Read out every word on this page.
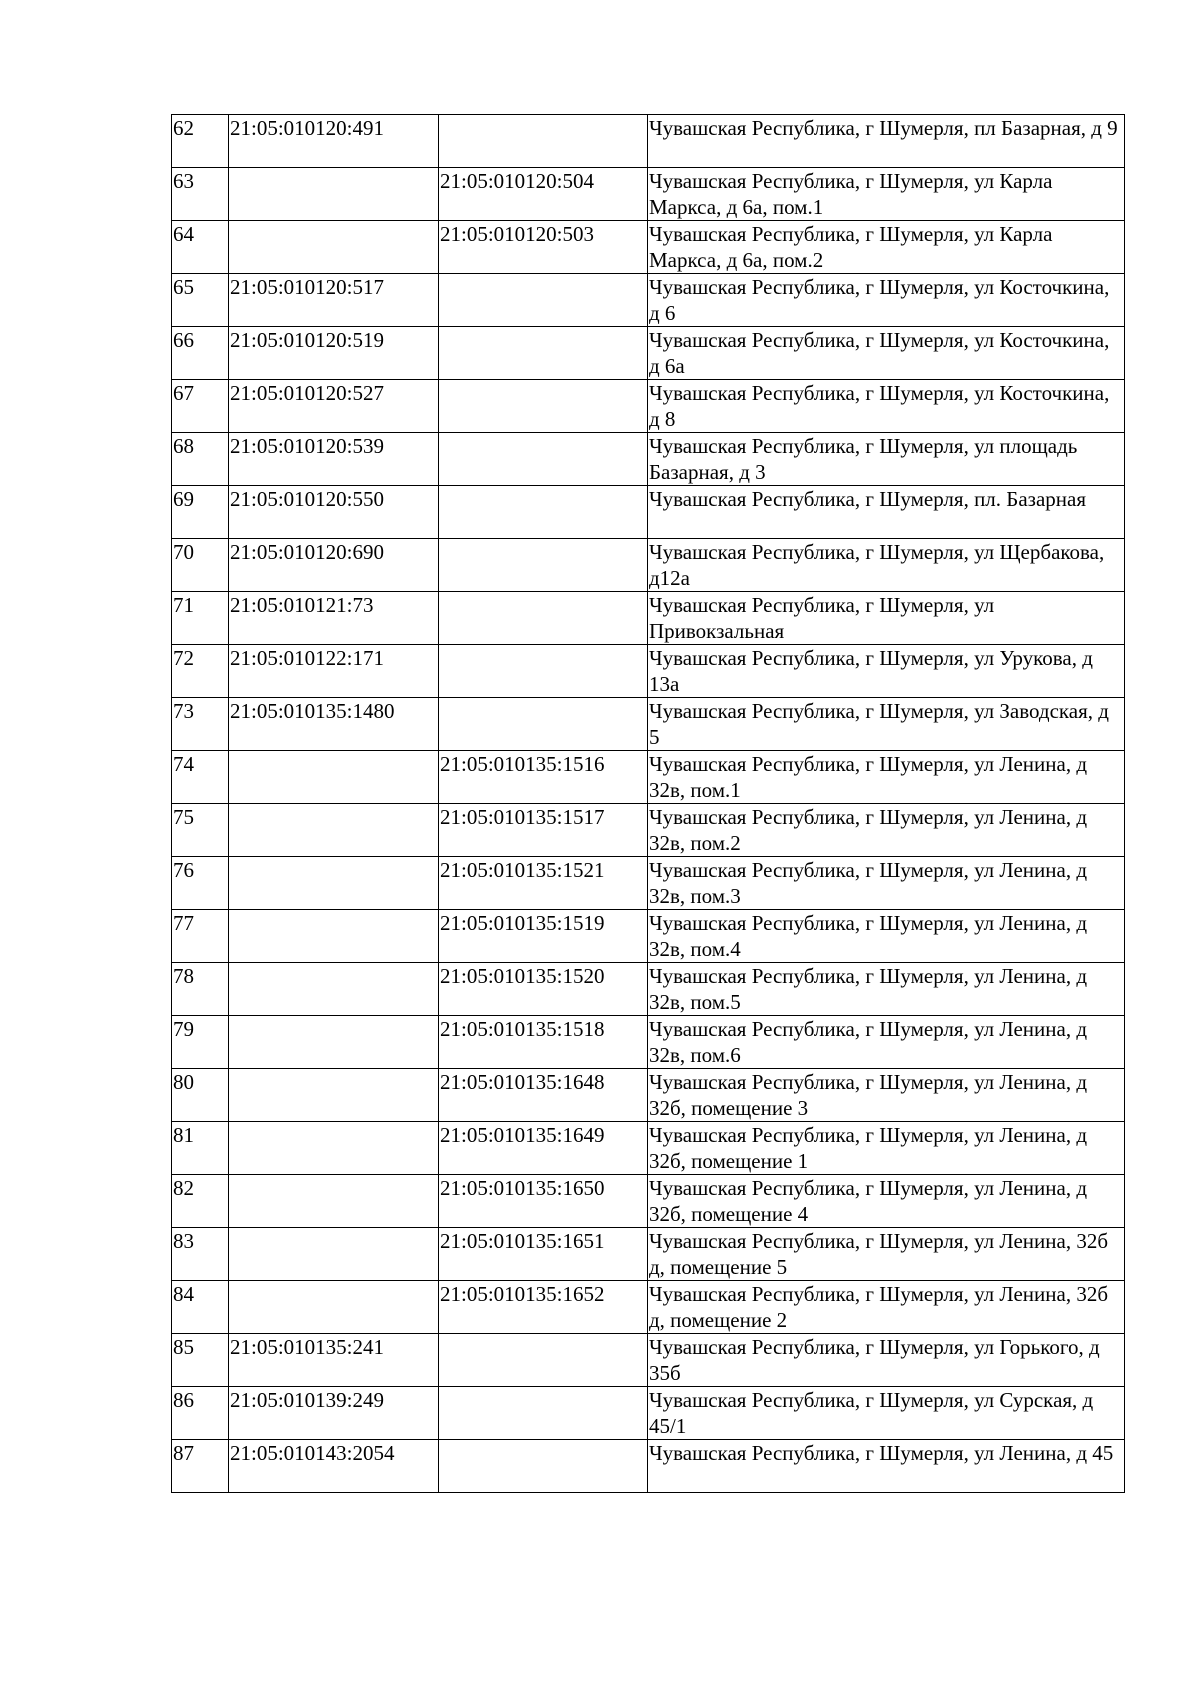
62	21:05:010120:491		Чувашская Республика, г Шумерля, пл Базарная, д 9
63		21:05:010120:504	Чувашская Республика, г Шумерля, ул Карла Маркса, д 6а, пом.1
64		21:05:010120:503	Чувашская Республика, г Шумерля, ул Карла Маркса, д 6а, пом.2
65	21:05:010120:517		Чувашская Республика, г Шумерля, ул Косточкина, д 6
66	21:05:010120:519		Чувашская Республика, г Шумерля, ул Косточкина, д 6а
67	21:05:010120:527		Чувашская Республика, г Шумерля, ул Косточкина, д 8
68	21:05:010120:539		Чувашская Республика, г Шумерля, ул площадь Базарная, д 3
69	21:05:010120:550		Чувашская Республика, г Шумерля, пл. Базарная
70	21:05:010120:690		Чувашская Республика, г Шумерля, ул Щербакова, д12а
71	21:05:010121:73		Чувашская Республика, г Шумерля, ул Привокзальная
72	21:05:010122:171		Чувашская Республика, г Шумерля, ул Урукова, д 13а
73	21:05:010135:1480		Чувашская Республика, г Шумерля, ул Заводская, д 5
74		21:05:010135:1516	Чувашская Республика, г Шумерля, ул Ленина, д 32в, пом.1
75		21:05:010135:1517	Чувашская Республика, г Шумерля, ул Ленина, д 32в, пом.2
76		21:05:010135:1521	Чувашская Республика, г Шумерля, ул Ленина, д 32в, пом.3
77		21:05:010135:1519	Чувашская Республика, г Шумерля, ул Ленина, д 32в, пом.4
78		21:05:010135:1520	Чувашская Республика, г Шумерля, ул Ленина, д 32в, пом.5
79		21:05:010135:1518	Чувашская Республика, г Шумерля, ул Ленина, д 32в, пом.6
80		21:05:010135:1648	Чувашская Республика, г Шумерля, ул Ленина, д 32б, помещение 3
81		21:05:010135:1649	Чувашская Республика, г Шумерля, ул Ленина, д 32б, помещение 1
82		21:05:010135:1650	Чувашская Республика, г Шумерля, ул Ленина, д 32б, помещение 4
83		21:05:010135:1651	Чувашская Республика, г Шумерля, ул Ленина, 32б д, помещение 5
84		21:05:010135:1652	Чувашская Республика, г Шумерля, ул Ленина, 32б д, помещение 2
85	21:05:010135:241		Чувашская Республика, г Шумерля, ул Горького, д 35б
86	21:05:010139:249		Чувашская Республика, г Шумерля, ул Сурская, д 45/1
87	21:05:010143:2054		Чувашская Республика, г Шумерля, ул Ленина, д 45
